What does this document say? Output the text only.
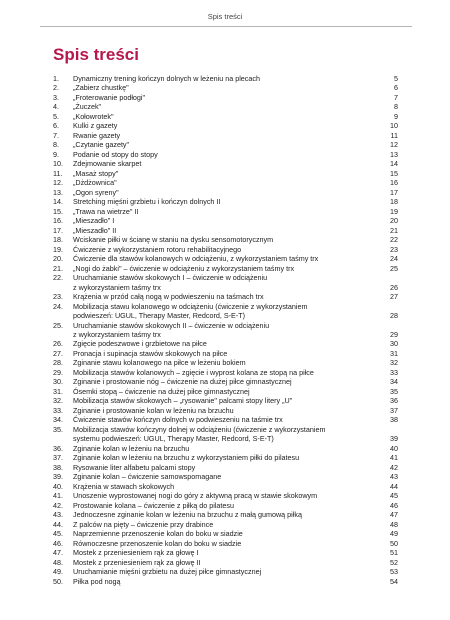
Spis treści
Spis treści
1.	Dynamiczny trening kończyn dolnych w leżeniu na plecach	5
2.	„Zabierz chustkę"	6
3.	„Froterowanie podłogi"	7
4.	„Żuczek"	8
5.	„Kołowrotek"	9
6.	Kulki z gazety	10
7.	Rwanie gazety	11
8.	„Czytanie gazety"	12
9.	Podanie od stopy do stopy	13
10.	Zdejmowanie skarpet	14
11.	„Masaż stopy"	15
12.	„Dżdżownica"	16
13.	„Ogon syreny"	17
14.	Stretching mięśni grzbietu i kończyn dolnych II	18
15.	„Trawa na wietrze" II	19
16.	„Mieszadło" I	20
17.	„Mieszadło" II	21
18.	Wciskanie piłki w ścianę w staniu na dysku sensomotorycznym	22
19.	Ćwiczenie z wykorzystaniem rotoru rehabilitacyjnego	23
20.	Ćwiczenie dla stawów kolanowych w odciążeniu, z wykorzystaniem taśmy trx	24
21.	„Nogi do żabki" – ćwiczenie w odciążeniu z wykorzystaniem taśmy trx	25
22.	Uruchamianie stawów skokowych I – ćwiczenie w odciążeniu
z wykorzystaniem taśmy trx	26
23.	Krążenia w przód całą nogą w podwieszeniu na taśmach trx	27
24.	Mobilizacja stawu kolanowego w odciążeniu (ćwiczenie z wykorzystaniem
podwieszeń: UGUL, Therapy Master, Redcord, S-E-T)	28
25.	Uruchamianie stawów skokowych II – ćwiczenie w odciążeniu
z wykorzystaniem taśmy trx	29
26.	Zgięcie podeszwowe i grzbietowe na piłce	30
27.	Pronacja i supinacja stawów skokowych na piłce	31
28.	Zginanie stawu kolanowego na piłce w leżeniu bokiem	32
29.	Mobilizacja stawów kolanowych – zgięcie i wyprost kolana ze stopą na piłce	33
30.	Zginanie i prostowanie nóg – ćwiczenie na dużej piłce gimnastycznej	34
31.	Ósemki stopą – ćwiczenie na dużej piłce gimnastycznej	35
32.	Mobilizacja stawów skokowych – „rysowanie" palcami stopy litery „U"	36
33.	Zginanie i prostowanie kolan w leżeniu na brzuchu	37
34.	Ćwiczenie stawów kończyn dolnych w podwieszeniu na taśmie trx	38
35.	Mobilizacja stawów kończyny dolnej w odciążeniu (ćwiczenie z wykorzystaniem
systemu podwieszeń: UGUL, Therapy Master, Redcord, S-E-T)	39
36.	Zginanie kolan w leżeniu na brzuchu	40
37.	Zginanie kolan w leżeniu na brzuchu z wykorzystaniem piłki do pilatesu	41
38.	Rysowanie liter alfabetu palcami stopy	42
39.	Zginanie kolan – ćwiczenie samowspomagane	43
40.	Krążenia w stawach skokowych	44
41.	Unoszenie wyprostowanej nogi do góry z aktywną pracą w stawie skokowym	45
42.	Prostowanie kolana – ćwiczenie z piłką do pilatesu	46
43.	Jednoczesne zginanie kolan w leżeniu na brzuchu z małą gumową piłką	47
44.	Z palców na pięty – ćwiczenie przy drabince	48
45.	Naprzemienne przenoszenie kolan do boku w siadzie	49
46.	Równoczesne przenoszenie kolan do boku w siadzie	50
47.	Mostek z przeniesieniem rąk za głowę I	51
48.	Mostek z przeniesieniem rąk za głowę II	52
49.	Uruchamianie mięśni grzbietu na dużej piłce gimnastycznej	53
50.	Piłka pod nogą	54
